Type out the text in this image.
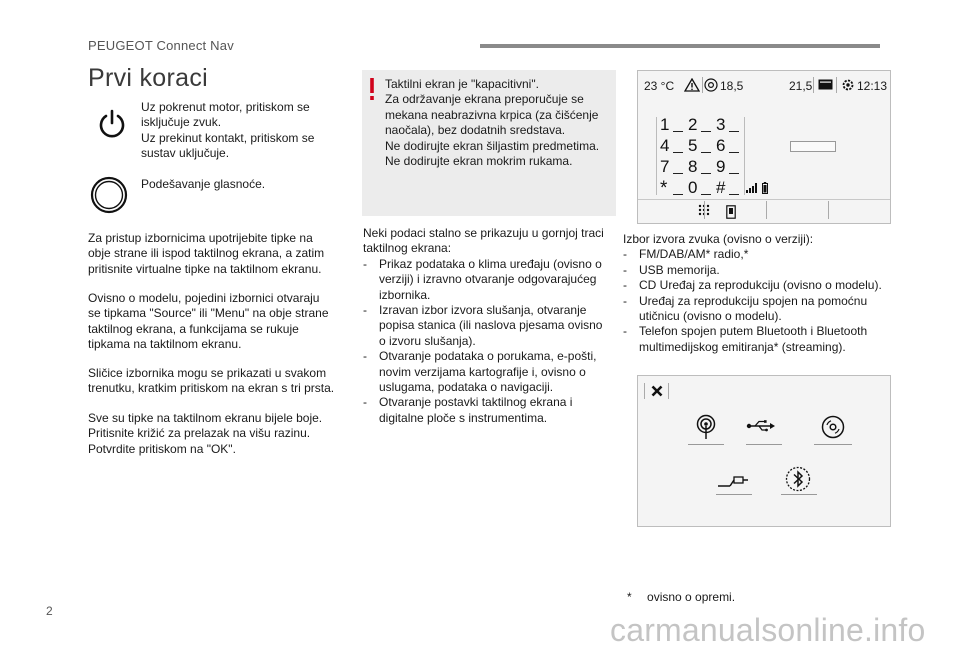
PEUGEOT Connect Nav
Prvi koraci
Uz pokrenut motor, pritiskom se
isključuje zvuk.
Uz prekinut kontakt, pritiskom se
sustav uključuje.
Podešavanje glasnoće.
Za pristup izbornicima upotrijebite tipke na
obje strane ili ispod taktilnog ekrana, a zatim
pritisnite virtualne tipke na taktilnom ekranu.
Ovisno o modelu, pojedini izbornici otvaraju
se tipkama "Source" ili "Menu" na obje strane
taktilnog ekrana, a funkcijama se rukuje
tipkama na taktilnom ekranu.
Sličice izbornika mogu se prikazati u svakom
trenutku, kratkim pritiskom na ekran s tri prsta.
Sve su tipke na taktilnom ekranu bijele boje.
Pritisnite križić za prelazak na višu razinu.
Potvrdite pritiskom na "OK".
Taktilni ekran je "kapacitivni".
Za održavanje ekrana preporučuje se
mekana neabrazivna krpica (za čišćenje
naočala), bez dodatnih sredstava.
Ne dodirujte ekran šiljastim predmetima.
Ne dodirujte ekran mokrim rukama.
Neki podaci stalno se prikazuju u gornjoj traci
taktilnog ekrana:
- Prikaz podataka o klima uređaju (ovisno o
verziji) i izravno otvaranje odgovarajućeg
izbornika.
- Izravan izbor izvora slušanja, otvaranje
popisa stanica (ili naslova pjesama ovisno
o izvoru slušanja).
- Otvaranje podataka o porukama, e-pošti,
novim verzijama kartografije i, ovisno o
uslugama, podataka o navigaciji.
- Otvaranje postavki taktilnog ekrana i
digitalne ploče s instrumentima.
23 °C	18,5	21,5	12:13
1 2 3
4 5 6
7 8 9
* 0 #
Izbor izvora zvuka (ovisno o verziji):
- FM/DAB/AM* radio,*
- USB memorija.
- CD Uređaj za reprodukciju (ovisno o modelu).
- Uređaj za reprodukciju spojen na pomoćnu
utičnicu (ovisno o modelu).
- Telefon spojen putem Bluetooth i Bluetooth
multimedijskog emitiranja* (streaming).
* ovisno o opremi.
2
carmanualsonline.info
